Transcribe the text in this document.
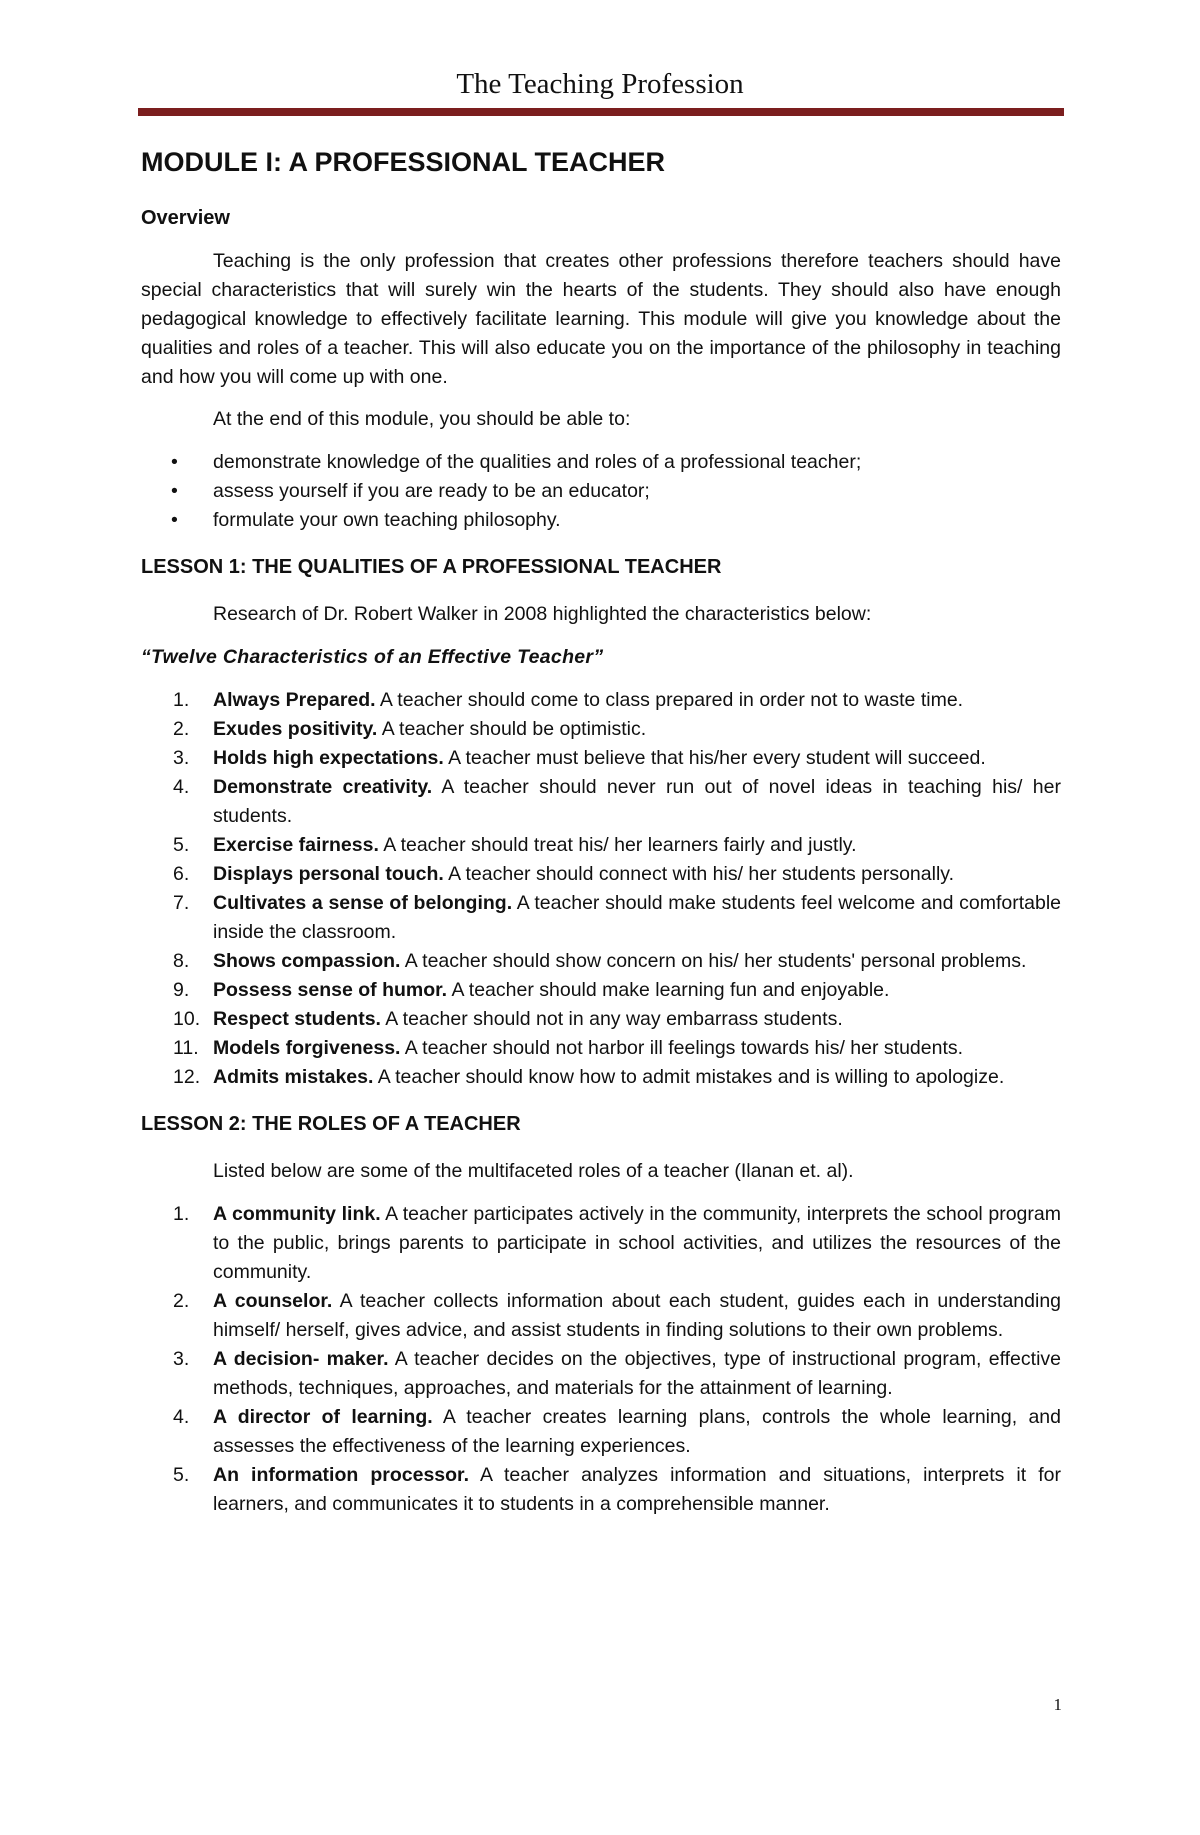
The Teaching Profession
MODULE I: A PROFESSIONAL TEACHER
Overview

Teaching is the only profession that creates other professions therefore teachers should have special characteristics that will surely win the hearts of the students. They should also have enough pedagogical knowledge to effectively facilitate learning. This module will give you knowledge about the qualities and roles of a teacher. This will also educate you on the importance of the philosophy in teaching and how you will come up with one.

At the end of this module, you should be able to:

• demonstrate knowledge of the qualities and roles of a professional teacher;
• assess yourself if you are ready to be an educator;
• formulate your own teaching philosophy.
LESSON 1: THE QUALITIES OF A PROFESSIONAL TEACHER

Research of Dr. Robert Walker in 2008 highlighted the characteristics below:

“Twelve Characteristics of an Effective Teacher”
1. Always Prepared. A teacher should come to class prepared in order not to waste time.
2. Exudes positivity. A teacher should be optimistic.
3. Holds high expectations. A teacher must believe that his/her every student will succeed.
4. Demonstrate creativity. A teacher should never run out of novel ideas in teaching his/ her students.
5. Exercise fairness. A teacher should treat his/ her learners fairly and justly.
6. Displays personal touch. A teacher should connect with his/ her students personally.
7. Cultivates a sense of belonging. A teacher should make students feel welcome and comfortable inside the classroom.
8. Shows compassion. A teacher should show concern on his/ her students' personal problems.
9. Possess sense of humor. A teacher should make learning fun and enjoyable.
10. Respect students. A teacher should not in any way embarrass students.
11. Models forgiveness. A teacher should not harbor ill feelings towards his/ her students.
12. Admits mistakes. A teacher should know how to admit mistakes and is willing to apologize.
LESSON 2: THE ROLES OF A TEACHER

Listed below are some of the multifaceted roles of a teacher (Ilanan et. al).

1. A community link. A teacher participates actively in the community, interprets the school program to the public, brings parents to participate in school activities, and utilizes the resources of the community.
2. A counselor. A teacher collects information about each student, guides each in understanding himself/ herself, gives advice, and assist students in finding solutions to their own problems.
3. A decision- maker. A teacher decides on the objectives, type of instructional program, effective methods, techniques, approaches, and materials for the attainment of learning.
4. A director of learning. A teacher creates learning plans, controls the whole learning, and assesses the effectiveness of the learning experiences.
5. An information processor. A teacher analyzes information and situations, interprets it for learners, and communicates it to students in a comprehensible manner.
1
